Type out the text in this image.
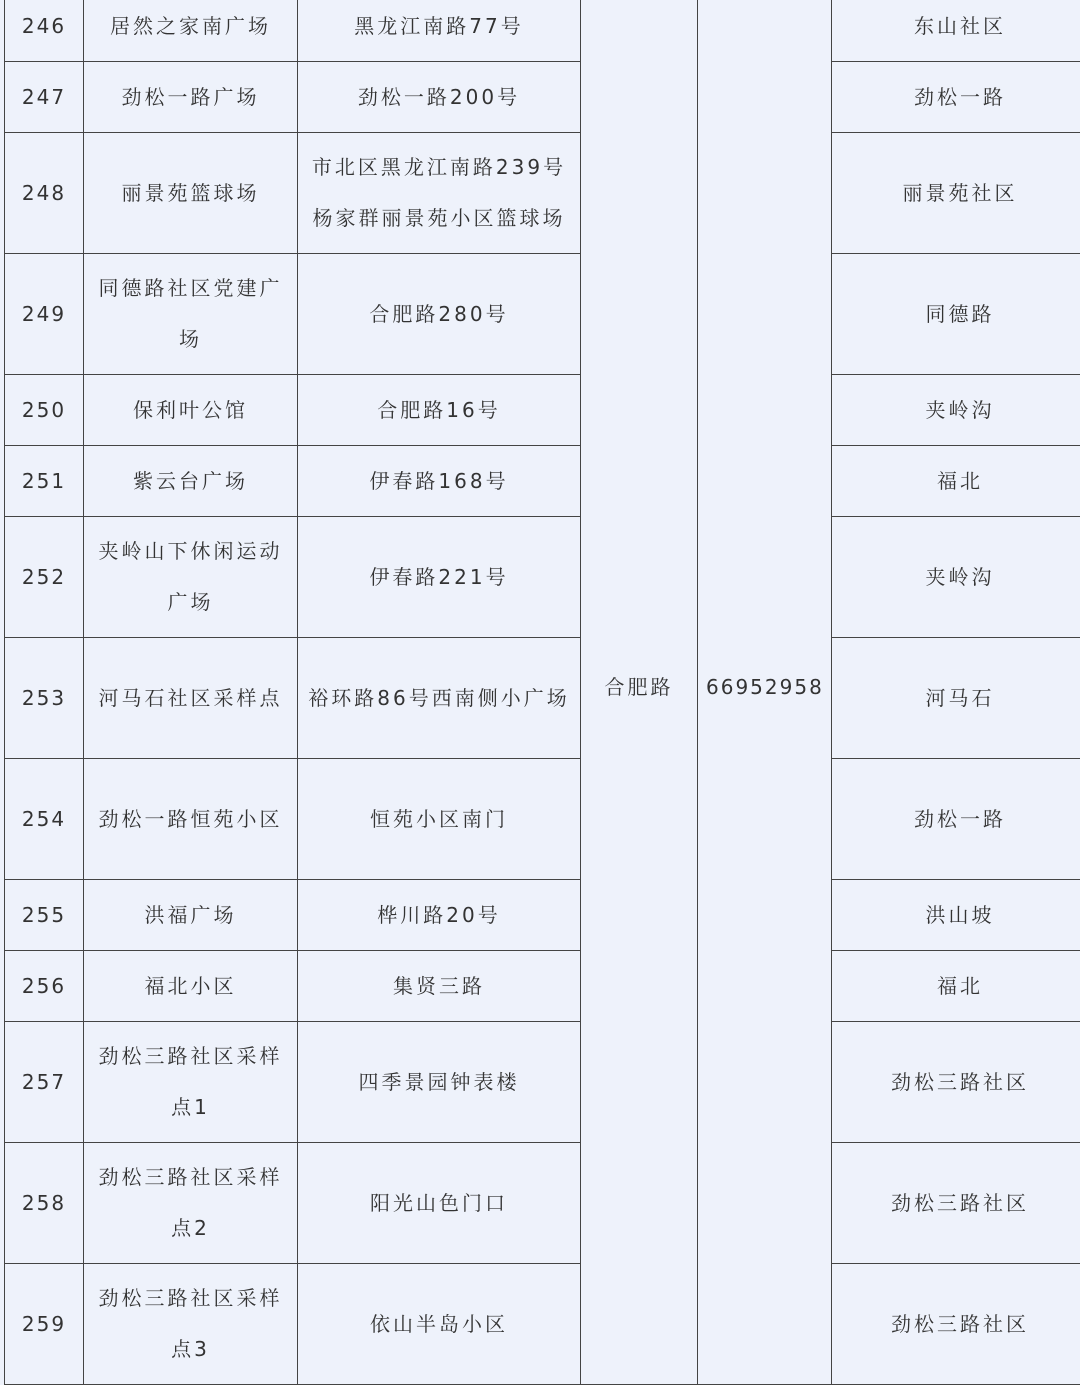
246	居然之家南广场	黑龙江南路77号	合肥路	66952958	东山社区
247	劲松一路广场	劲松一路200号			劲松一路
248	丽景苑篮球场	市北区黑龙江南路239号杨家群丽景苑小区篮球场			丽景苑社区
249	同德路社区党建广场	合肥路280号			同德路
250	保利叶公馆	合肥路16号			夹岭沟
251	紫云台广场	伊春路168号			福北
252	夹岭山下休闲运动广场	伊春路221号			夹岭沟
253	河马石社区采样点	裕环路86号西南侧小广场			河马石
254	劲松一路恒苑小区	恒苑小区南门			劲松一路
255	洪福广场	桦川路20号			洪山坡
256	福北小区	集贤三路			福北
257	劲松三路社区采样点1	四季景园钟表楼			劲松三路社区
258	劲松三路社区采样点2	阳光山色门口			劲松三路社区
259	劲松三路社区采样点3	依山半岛小区			劲松三路社区
